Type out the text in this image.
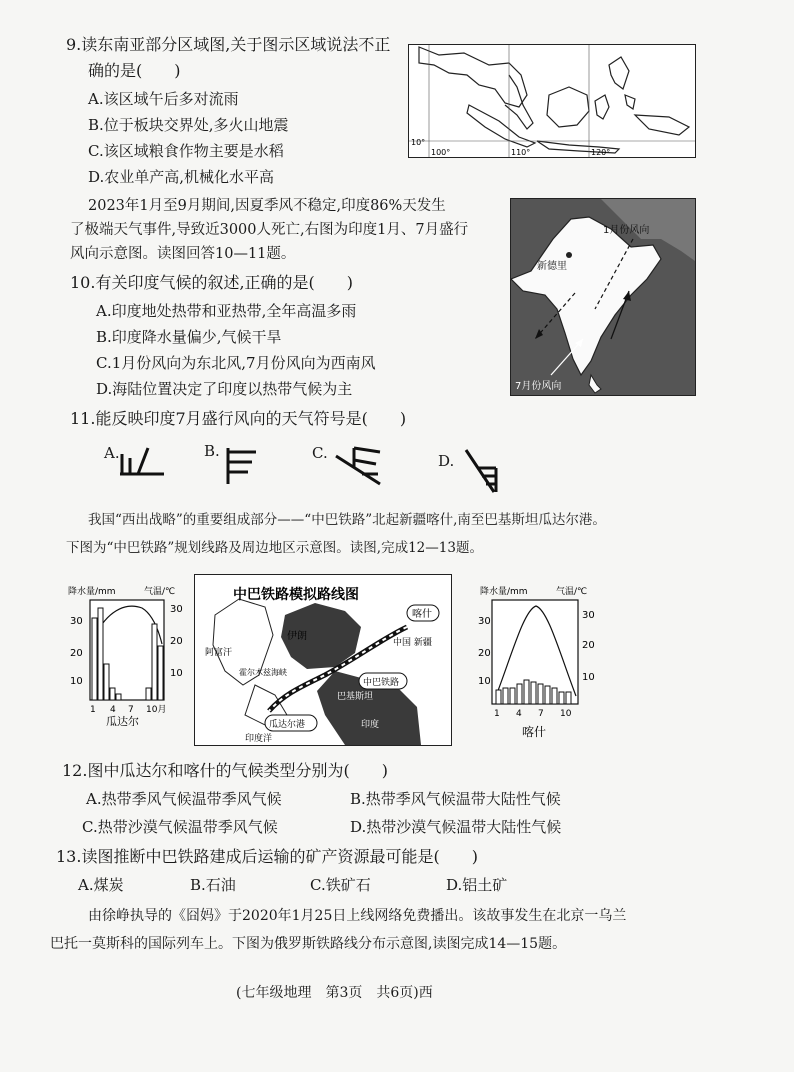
9.读东南亚部分区域图,关于图示区域说法不正
确的是(　　)
A.该区域午后多对流雨
B.位于板块交界处,多火山地震
C.该区域粮食作物主要是水稻
D.农业单产高,机械化水平高
10°
100°	110°	120°
2023年1月至9月期间,因夏季风不稳定,印度86%天发生
了极端天气事件,导致近3000人死亡,右图为印度1月、7月盛行
风向示意图。读图回答10—11题。
新德里
1月份风向
7月份风向
10.有关印度气候的叙述,正确的是(　　)
A.印度地处热带和亚热带,全年高温多雨
B.印度降水量偏少,气候干旱
C.1月份风向为东北风,7月份风向为西南风
D.海陆位置决定了印度以热带气候为主
11.能反映印度7月盛行风向的天气符号是(　　)
A.	B.	C.	D.
我国“西出战略”的重要组成部分——“中巴铁路”北起新疆喀什,南至巴基斯坦瓜达尔港。
下图为“中巴铁路”规划线路及周边地区示意图。读图,完成12—13题。
降水量/mm	气温/℃
30
20
10
30
20
10
1 4 7 10月
瓜达尔
中巴铁路模拟路线图
喀什
中国 新疆
中巴铁路
瓜达尔港
伊朗
阿富汗
巴基斯坦
印度
印度洋
霍尔木兹海峡
降水量/mm	气温/℃
30
20
10
30
20
10
1 4 7 10
喀什
12.图中瓜达尔和喀什的气候类型分别为(　　)
A.热带季风气候温带季风气候	B.热带季风气候温带大陆性气候
C.热带沙漠气候温带季风气候	D.热带沙漠气候温带大陆性气候
13.读图推断中巴铁路建成后运输的矿产资源最可能是(　　)
A.煤炭	B.石油	C.铁矿石	D.铝土矿
由徐峥执导的《囧妈》于2020年1月25日上线网络免费播出。该故事发生在北京一乌兰
巴托一莫斯科的国际列车上。下图为俄罗斯铁路线分布示意图,读图完成14—15题。
(七年级地理　第3页　共6页)西
